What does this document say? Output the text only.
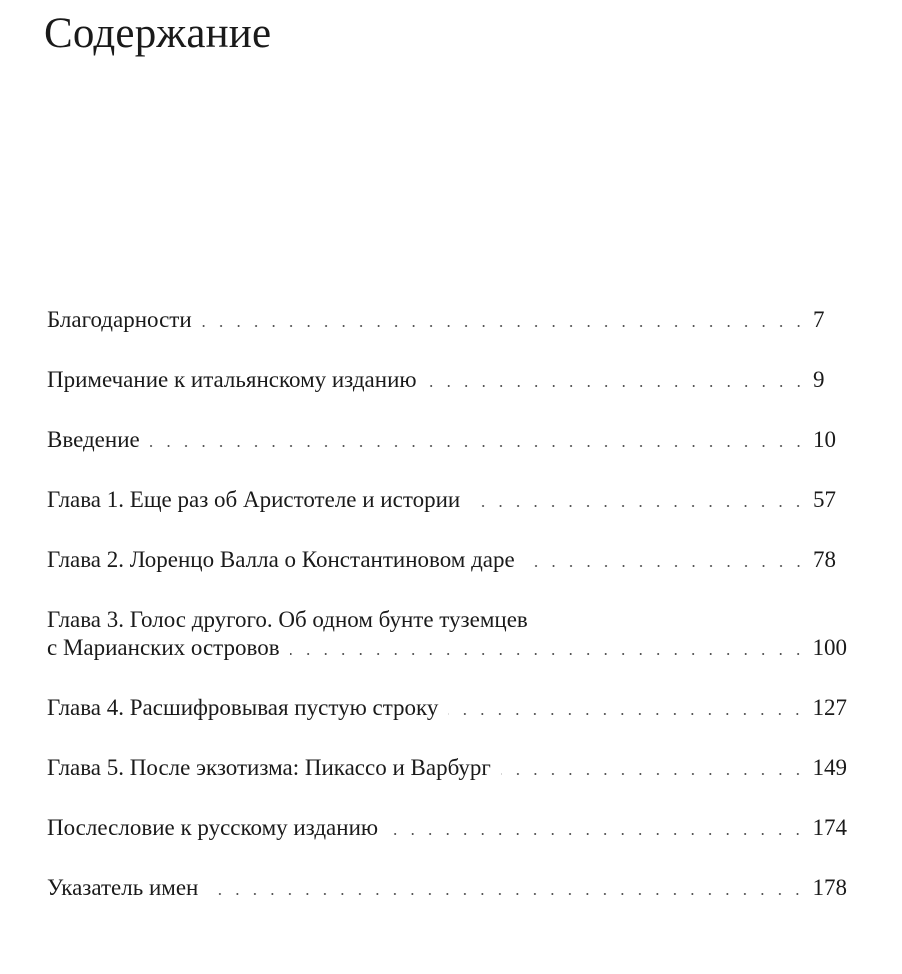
Содержание
Благодарности	7
Примечание к итальянскому изданию	9
Введение	10
Глава 1. Еще раз об Аристотеле и истории	57
Глава 2. Лоренцо Валла о Константиновом даре	78
Глава 3. Голос другого. Об одном бунте туземцев
с Марианских островов	100
Глава 4. Расшифровывая пустую строку	127
Глава 5. После экзотизма: Пикассо и Варбург	149
Послесловие к русскому изданию	174
Указатель имен	178
